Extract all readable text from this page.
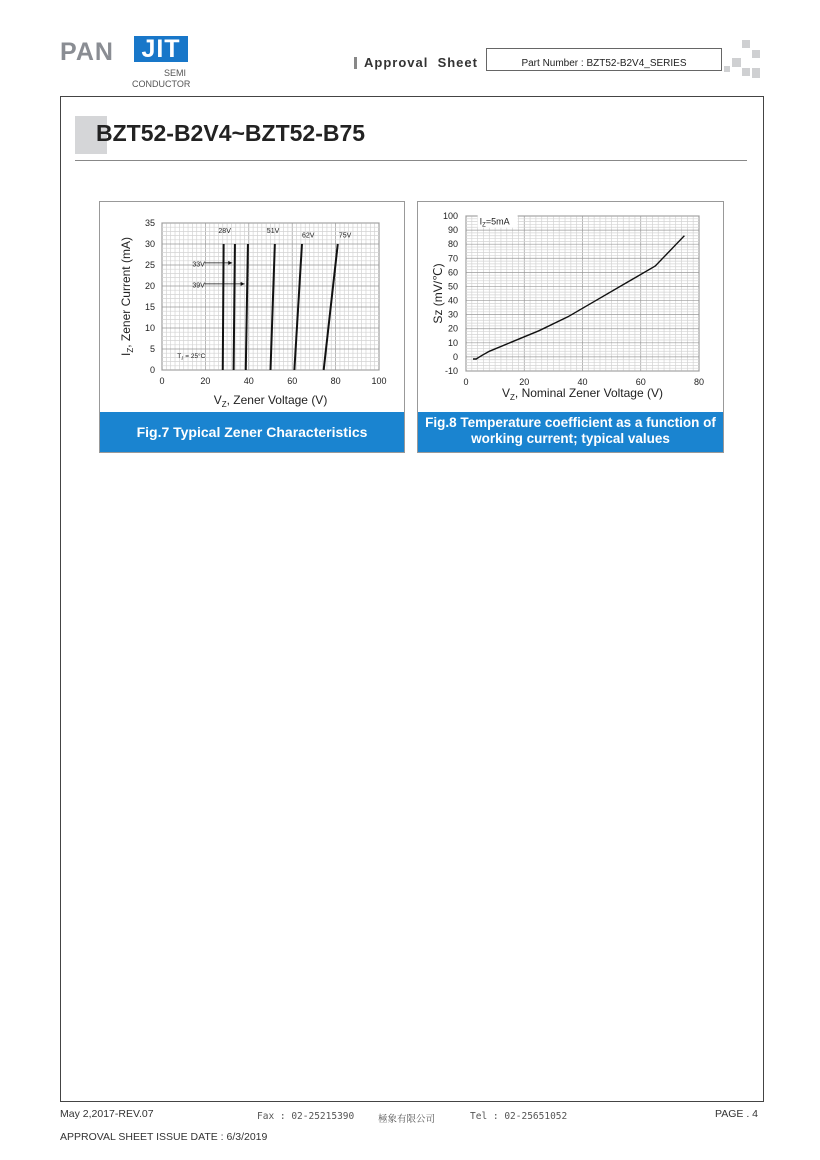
PAN JIT
SEMI
CONDUCTOR
Approval  Sheet	Part Number : BZT52-B2V4_SERIES
BZT52-B2V4~BZT52-B75
0	20	40	60	80	100
0
5
10
15
20
25
30
35
28V
33V
39V
51V
62V	75V
$T_J = 25^\circ C$
$V_Z$, Zener Voltage (V)
$I_Z$, Zener Current (mA)
Fig.7 Typical Zener Characteristics
0	20	40	60	80
-10
0
10
20
30
40
50
60
70
80
90
100
$I_Z=5mA$
$V_Z$, Nominal Zener Voltage (V)
Sz (mV/℃)
Fig.8 Temperature coefficient as a function of
working current; typical values
May 2,2017-REV.07	Fax : 02-25215390	極象有限公司	Tel : 02-25651052	PAGE . 4
APPROVAL SHEET ISSUE DATE : 6/3/2019
